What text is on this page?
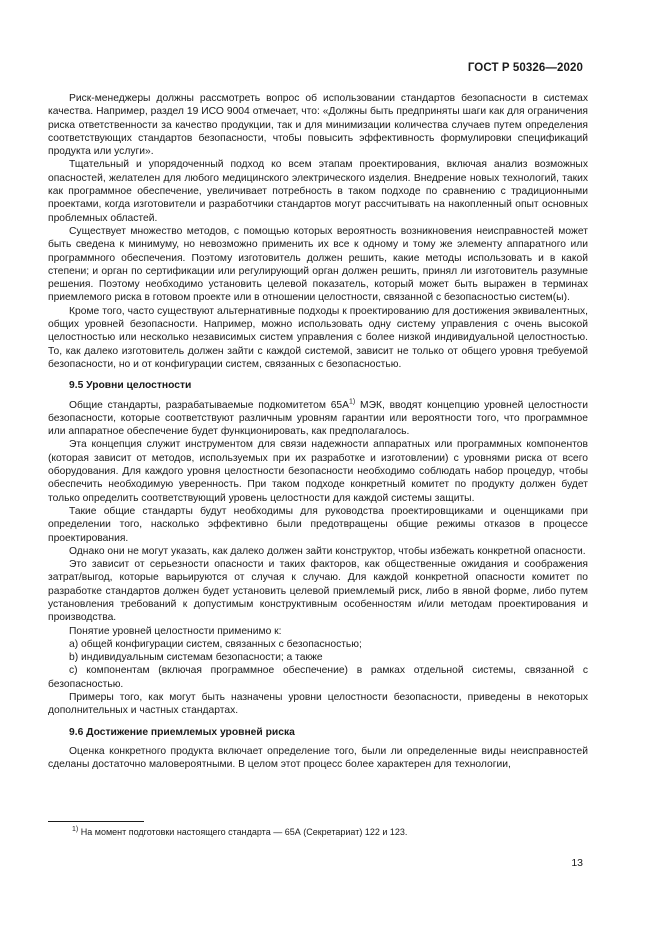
ГОСТ Р 50326—2020

Риск-менеджеры должны рассмотреть вопрос об использовании стандартов безопасности в системах качества. Например, раздел 19 ИСО 9004 отмечает, что: «Должны быть предприняты шаги как для ограничения риска ответственности за качество продукции, так и для минимизации количества случаев путем определения соответствующих стандартов безопасности, чтобы повысить эффективность формулировки спецификаций продукта или услуги».

Тщательный и упорядоченный подход ко всем этапам проектирования, включая анализ возможных опасностей, желателен для любого медицинского электрического изделия. Внедрение новых технологий, таких как программное обеспечение, увеличивает потребность в таком подходе по сравнению с традиционными проектами, когда изготовители и разработчики стандартов могут рассчитывать на накопленный опыт основных проблемных областей.

Существует множество методов, с помощью которых вероятность возникновения неисправностей может быть сведена к минимуму, но невозможно применить их все к одному и тому же элементу аппаратного или программного обеспечения. Поэтому изготовитель должен решить, какие методы использовать и в какой степени; и орган по сертификации или регулирующий орган должен решить, принял ли изготовитель разумные решения. Поэтому необходимо установить целевой показатель, который может быть выражен в терминах приемлемого риска в готовом проекте или в отношении целостности, связанной с безопасностью систем(ы).

Кроме того, часто существуют альтернативные подходы к проектированию для достижения эквивалентных, общих уровней безопасности. Например, можно использовать одну систему управления с очень высокой целостностью или несколько независимых систем управления с более низкой индивидуальной целостностью. То, как далеко изготовитель должен зайти с каждой системой, зависит не только от общего уровня требуемой безопасности, но и от конфигурации систем, связанных с безопасностью.

9.5 Уровни целостности

Общие стандарты, разрабатываемые подкомитетом $65А^{1)}$ МЭК, вводят концепцию уровней целостности безопасности, которые соответствуют различным уровням гарантии или вероятности того, что программное или аппаратное обеспечение будет функционировать, как предполагалось.

Эта концепция служит инструментом для связи надежности аппаратных или программных компонентов (которая зависит от методов, используемых при их разработке и изготовлении) с уровнями риска от всего оборудования. Для каждого уровня целостности безопасности необходимо соблюдать набор процедур, чтобы обеспечить необходимую уверенность. При таком подходе конкретный комитет по продукту должен будет только определить соответствующий уровень целостности для каждой системы защиты.

Такие общие стандарты будут необходимы для руководства проектировщиками и оценщиками при определении того, насколько эффективно были предотвращены общие режимы отказов в процессе проектирования.

Однако они не могут указать, как далеко должен зайти конструктор, чтобы избежать конкретной опасности.

Это зависит от серьезности опасности и таких факторов, как общественные ожидания и соображения затрат/выгод, которые варьируются от случая к случаю. Для каждой конкретной опасности комитет по разработке стандартов должен будет установить целевой приемлемый риск, либо в явной форме, либо путем установления требований к допустимым конструктивным особенностям и/или методам проектирования и производства.

Понятие уровней целостности применимо к:

a) общей конфигурации систем, связанных с безопасностью;

b) индивидуальным системам безопасности; а также

c) компонентам (включая программное обеспечение) в рамках отдельной системы, связанной с безопасностью.

Примеры того, как могут быть назначены уровни целостности безопасности, приведены в некоторых дополнительных и частных стандартах.

9.6 Достижение приемлемых уровней риска

Оценка конкретного продукта включает определение того, были ли определенные виды неисправностей сделаны достаточно маловероятными. В целом этот процесс более характерен для технологии,

$^{1)}$ На момент подготовки настоящего стандарта — 65А (Секретариат) 122 и 123.
13
